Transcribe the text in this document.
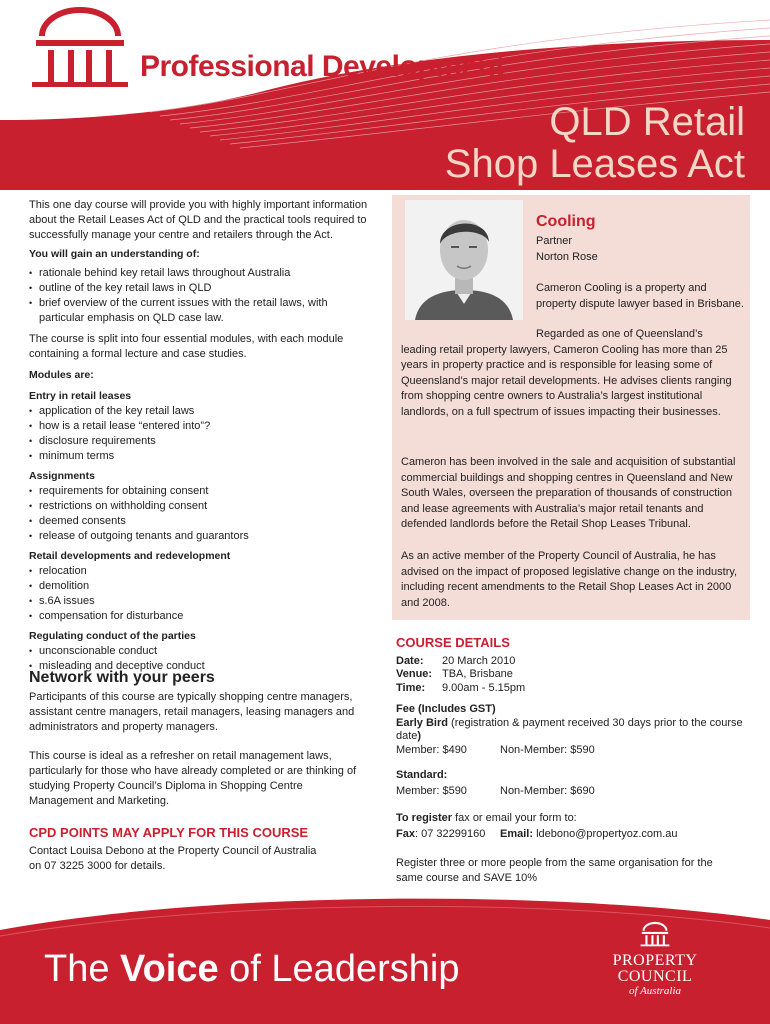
Professional Development
QLD Retail
Shop Leases Act

This one day course will provide you with highly important information about the Retail Leases Act of QLD and the practical tools required to successfully manage your centre and retailers through the Act.

You will gain an understanding of:

• rationale behind key retail laws throughout Australia
• outline of the key retail laws in QLD
• brief overview of the current issues with the retail laws, with particular emphasis on QLD case law.

The course is split into four essential modules, with each module containing a formal lecture and case studies.

Modules are:

Entry in retail leases

• application of the key retail laws
• how is a retail lease “entered into”?
• disclosure requirements
• minimum terms

Assignments

• requirements for obtaining consent
• restrictions on withholding consent
• deemed consents
• release of outgoing tenants and guarantors

Retail developments and redevelopment

• relocation
• demolition
• s.6A issues
• compensation for disturbance

Regulating conduct of the parties

• unconscionable conduct
• misleading and deceptive conduct

Network with your peers

Participants of this course are typically shopping centre managers, assistant centre managers, retail managers, leasing managers and administrators and property managers.

This course is ideal as a refresher on retail management laws, particularly for those who have already completed or are thinking of studying Property Council’s Diploma in Shopping Centre Management and Marketing.

CPD POINTS MAY APPLY FOR THIS COURSE

Contact Louisa Debono at the Property Council of Australia on 07 3225 3000 for details.

Cooling
Partner
Norton Rose
Cameron Cooling is a property and property dispute lawyer based in Brisbane.
Regarded as one of Queensland’s leading retail property lawyers, Cameron Cooling has more than 25 years in property practice and is responsible for leasing some of Queensland’s major retail developments. He advises clients ranging from shopping centre owners to Australia’s largest institutional landlords, on a full spectrum of issues impacting their businesses.
Cameron has been involved in the sale and acquisition of substantial commercial buildings and shopping centres in Queensland and New South Wales, overseen the preparation of thousands of construction and lease agreements with Australia’s major retail tenants and defended landlords before the Retail Shop Leases Tribunal.
As an active member of the Property Council of Australia, he has advised on the impact of proposed legislative change on the industry, including recent amendments to the Retail Shop Leases Act in 2000 and 2008.
COURSE DETAILS
Date: 20 March 2010
Venue: TBA, Brisbane
Time: 9.00am - 5.15pm
Fee (Includes GST)
Early Bird (registration & payment received 30 days prior to the course date)
Member: $490	Non-Member: $590
Standard:
Member: $590	Non-Member: $690
To register fax or email your form to:
Fax: 07 32299160 Email: ldebono@propertyoz.com.au
Register three or more people from the same organisation for the same course and SAVE 10%
The Voice of Leadership	PROPERTY
COUNCIL
of Australia
